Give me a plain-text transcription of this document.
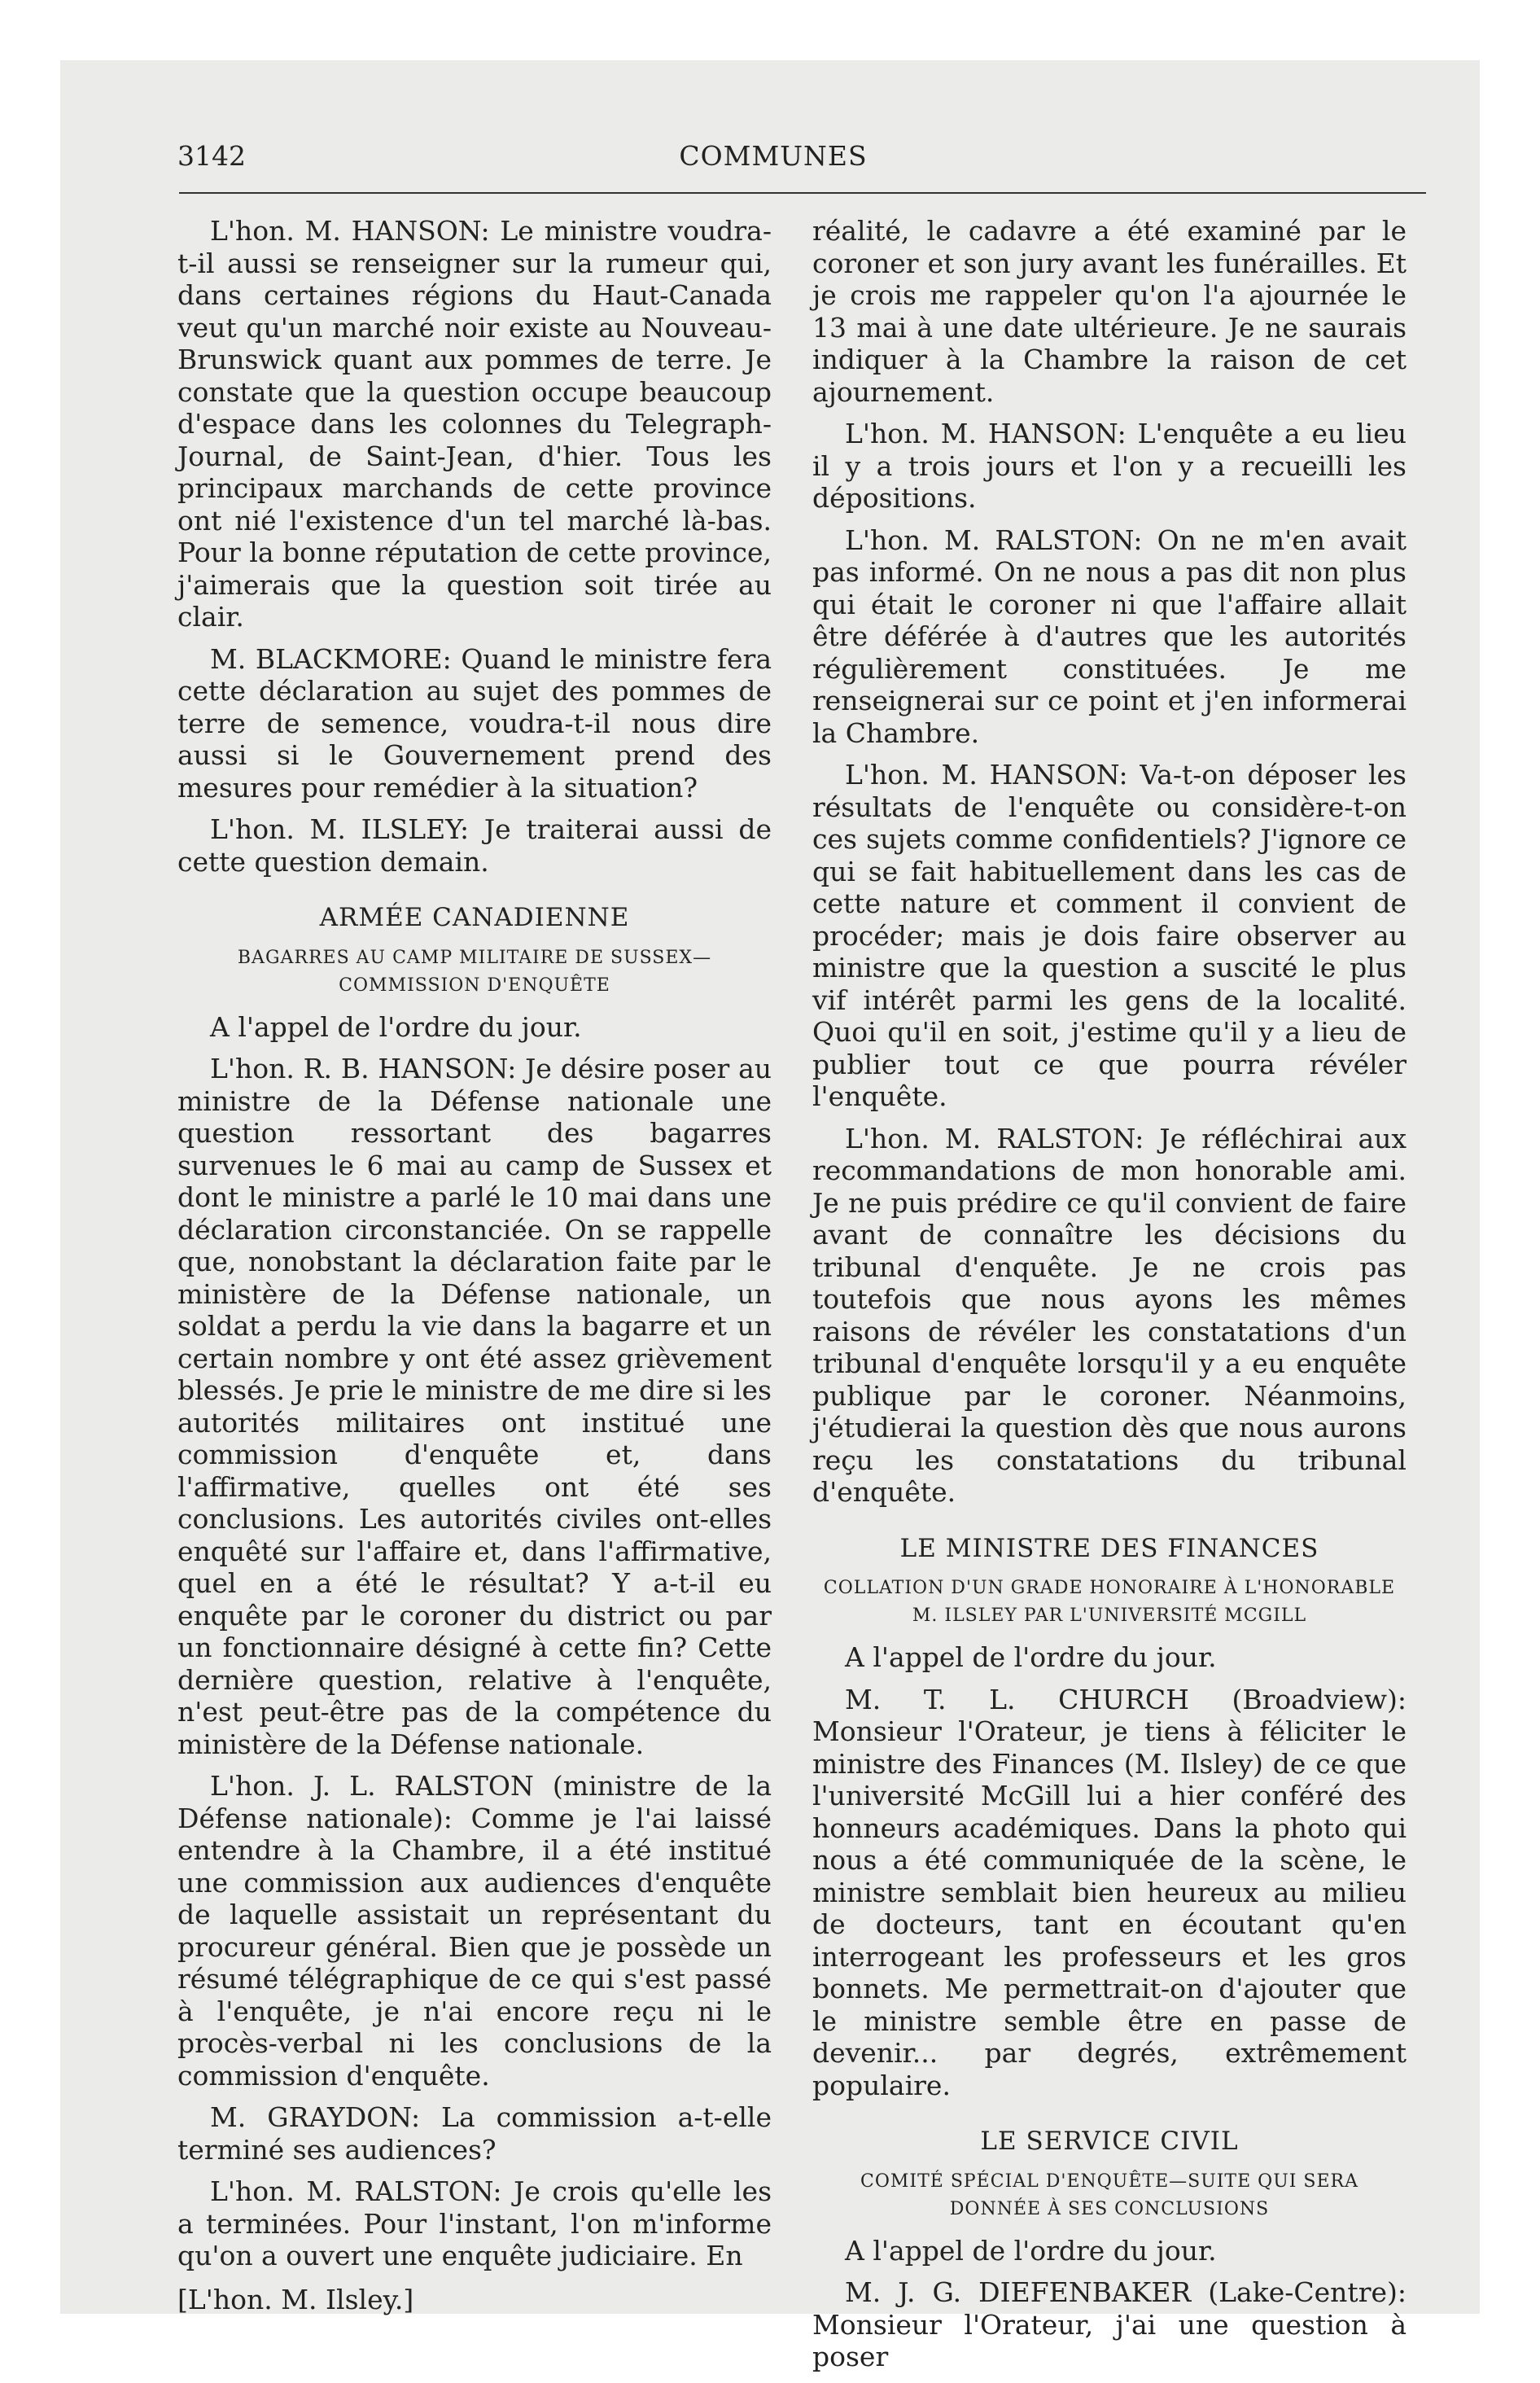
3142	COMMUNES

L'hon. M. HANSON: Le ministre voudra-t-il aussi se renseigner sur la rumeur qui, dans certaines régions du Haut-Canada veut qu'un marché noir existe au Nouveau-Brunswick quant aux pommes de terre. Je constate que la question occupe beaucoup d'espace dans les colonnes du Telegraph-Journal, de Saint-Jean, d'hier. Tous les principaux marchands de cette province ont nié l'existence d'un tel marché là-bas. Pour la bonne réputation de cette province, j'aimerais que la question soit tirée au clair.

M. BLACKMORE: Quand le ministre fera cette déclaration au sujet des pommes de terre de semence, voudra-t-il nous dire aussi si le Gouvernement prend des mesures pour remédier à la situation?

L'hon. M. ILSLEY: Je traiterai aussi de cette question demain.

ARMÉE CANADIENNE
BAGARRES AU CAMP MILITAIRE DE SUSSEX— COMMISSION D'ENQUÊTE

A l'appel de l'ordre du jour.

L'hon. R. B. HANSON: Je désire poser au ministre de la Défense nationale une question ressortant des bagarres survenues le 6 mai au camp de Sussex et dont le ministre a parlé le 10 mai dans une déclaration circonstanciée. On se rappelle que, nonobstant la déclaration faite par le ministère de la Défense nationale, un soldat a perdu la vie dans la bagarre et un certain nombre y ont été assez grièvement blessés. Je prie le ministre de me dire si les autorités militaires ont institué une commission d'enquête et, dans l'affirmative, quelles ont été ses conclusions. Les autorités civiles ont-elles enquêté sur l'affaire et, dans l'affirmative, quel en a été le résultat? Y a-t-il eu enquête par le coroner du district ou par un fonctionnaire désigné à cette fin? Cette dernière question, relative à l'enquête, n'est peut-être pas de la compétence du ministère de la Défense nationale.

L'hon. J. L. RALSTON (ministre de la Défense nationale): Comme je l'ai laissé entendre à la Chambre, il a été institué une commission aux audiences d'enquête de laquelle assistait un représentant du procureur général. Bien que je possède un résumé télégraphique de ce qui s'est passé à l'enquête, je n'ai encore reçu ni le procès-verbal ni les conclusions de la commission d'enquête.

M. GRAYDON: La commission a-t-elle terminé ses audiences?

L'hon. M. RALSTON: Je crois qu'elle les a terminées. Pour l'instant, l'on m'informe qu'on a ouvert une enquête judiciaire. En

[L'hon. M. Ilsley.]

réalité, le cadavre a été examiné par le coroner et son jury avant les funérailles. Et je crois me rappeler qu'on l'a ajournée le 13 mai à une date ultérieure. Je ne saurais indiquer à la Chambre la raison de cet ajournement.

L'hon. M. HANSON: L'enquête a eu lieu il y a trois jours et l'on y a recueilli les dépositions.

L'hon. M. RALSTON: On ne m'en avait pas informé. On ne nous a pas dit non plus qui était le coroner ni que l'affaire allait être déférée à d'autres que les autorités régulièrement constituées. Je me renseignerai sur ce point et j'en informerai la Chambre.

L'hon. M. HANSON: Va-t-on déposer les résultats de l'enquête ou considère-t-on ces sujets comme confidentiels? J'ignore ce qui se fait habituellement dans les cas de cette nature et comment il convient de procéder; mais je dois faire observer au ministre que la question a suscité le plus vif intérêt parmi les gens de la localité. Quoi qu'il en soit, j'estime qu'il y a lieu de publier tout ce que pourra révéler l'enquête.

L'hon. M. RALSTON: Je réfléchirai aux recommandations de mon honorable ami. Je ne puis prédire ce qu'il convient de faire avant de connaître les décisions du tribunal d'enquête. Je ne crois pas toutefois que nous ayons les mêmes raisons de révéler les constatations d'un tribunal d'enquête lorsqu'il y a eu enquête publique par le coroner. Néanmoins, j'étudierai la question dès que nous aurons reçu les constatations du tribunal d'enquête.

LE MINISTRE DES FINANCES
COLLATION D'UN GRADE HONORAIRE À L'HONORABLE M. ILSLEY PAR L'UNIVERSITÉ MCGILL

A l'appel de l'ordre du jour.

M. T. L. CHURCH (Broadview): Monsieur l'Orateur, je tiens à féliciter le ministre des Finances (M. Ilsley) de ce que l'université McGill lui a hier conféré des honneurs académiques. Dans la photo qui nous a été communiquée de la scène, le ministre semblait bien heureux au milieu de docteurs, tant en écoutant qu'en interrogeant les professeurs et les gros bonnets. Me permettrait-on d'ajouter que le ministre semble être en passe de devenir... par degrés, extrêmement populaire.

LE SERVICE CIVIL
COMITÉ SPÉCIAL D'ENQUÊTE—SUITE QUI SERA DONNÉE À SES CONCLUSIONS

A l'appel de l'ordre du jour.

M. J. G. DIEFENBAKER (Lake-Centre): Monsieur l'Orateur, j'ai une question à poser
